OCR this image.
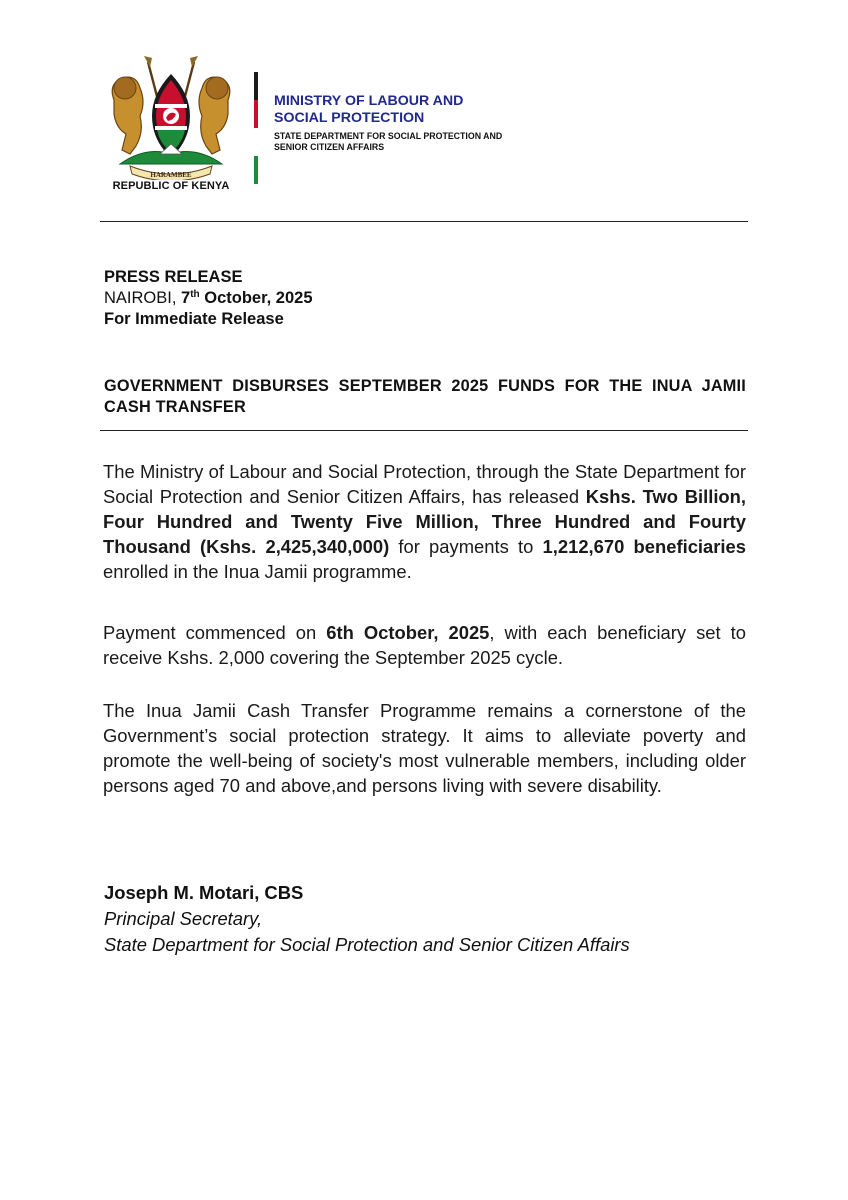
HARAMBEE
REPUBLIC OF KENYA
MINISTRY OF LABOUR AND SOCIAL PROTECTION
STATE DEPARTMENT FOR SOCIAL PROTECTION AND SENIOR CITIZEN AFFAIRS
PRESS RELEASE
NAIROBI, 7th October, 2025
For Immediate Release
GOVERNMENT DISBURSES SEPTEMBER 2025 FUNDS FOR THE INUA JAMII CASH TRANSFER
The Ministry of Labour and Social Protection, through the State Department for Social Protection and Senior Citizen Affairs, has released Kshs. Two Billion, Four Hundred and Twenty Five Million, Three Hundred and Fourty Thousand (Kshs. 2,425,340,000) for payments to 1,212,670 beneficiaries enrolled in the Inua Jamii programme.
Payment commenced on 6th October, 2025, with each beneficiary set to receive Kshs. 2,000 covering the September 2025 cycle.
The Inua Jamii Cash Transfer Programme remains a cornerstone of the Government’s social protection strategy. It aims to alleviate poverty and promote the well-being of society's most vulnerable members, including older persons aged 70 and above,and persons living with severe disability.
Joseph M. Motari, CBS
Principal Secretary,
State Department for Social Protection and Senior Citizen Affairs
